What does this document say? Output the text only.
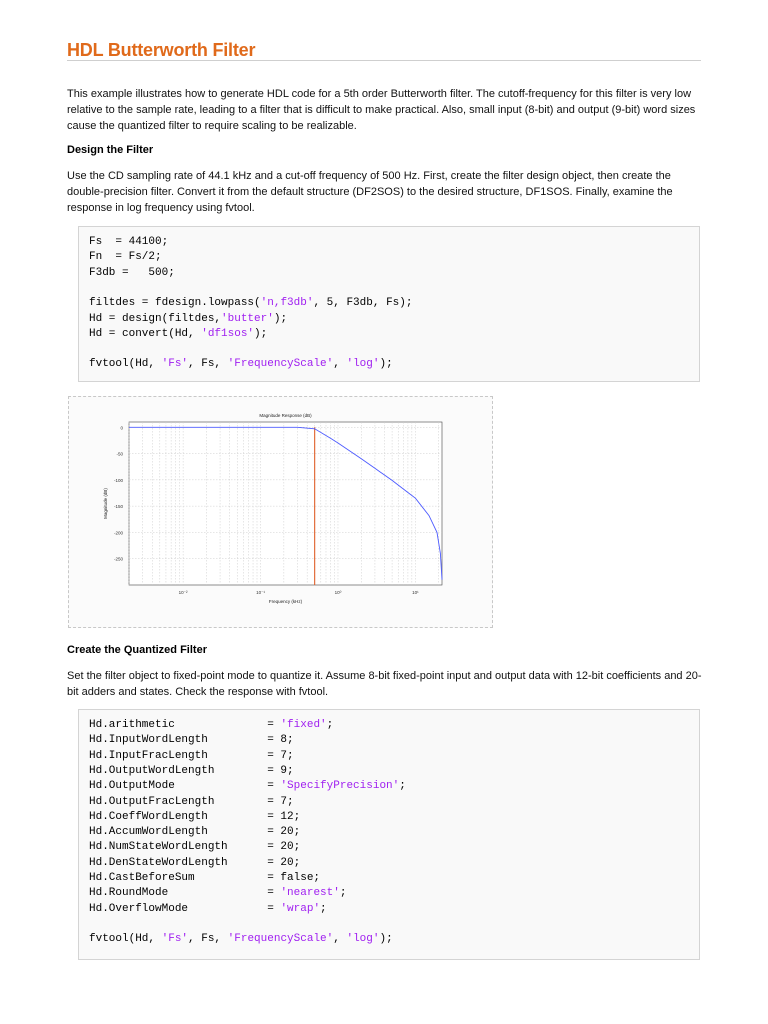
HDL Butterworth Filter
This example illustrates how to generate HDL code for a 5th order Butterworth filter. The cutoff-frequency for this filter is very low relative to the sample rate, leading to a filter that is difficult to make practical. Also, small input (8-bit) and output (9-bit) word sizes cause the quantized filter to require scaling to be realizable.
Design the Filter
Use the CD sampling rate of 44.1 kHz and a cut-off frequency of 500 Hz. First, create the filter design object, then create the double-precision filter. Convert it from the default structure (DF2SOS) to the desired structure, DF1SOS. Finally, examine the response in log frequency using fvtool.
Fs  = 44100;
Fn  = Fs/2;
F3db =   500;
filtdes = fdesign.lowpass('n,f3db', 5, F3db, Fs);
Hd = design(filtdes,'butter');
Hd = convert(Hd, 'df1sos');
fvtool(Hd, 'Fs', Fs, 'FrequencyScale', 'log');
0
-50
-100
-150
-200
-250
10⁻²	10⁻¹	10⁰	10¹
Magnitude Response (dB)
Frequency (kHz)
Magnitude (dB)
Create the Quantized Filter
Set the filter object to fixed-point mode to quantize it. Assume 8-bit fixed-point input and output data with 12-bit coefficients and 20-bit adders and states. Check the response with fvtool.
Hd.arithmetic              = 'fixed';
Hd.InputWordLength         = 8;
Hd.InputFracLength         = 7;
Hd.OutputWordLength        = 9;
Hd.OutputMode              = 'SpecifyPrecision';
Hd.OutputFracLength        = 7;
Hd.CoeffWordLength         = 12;
Hd.AccumWordLength         = 20;
Hd.NumStateWordLength      = 20;
Hd.DenStateWordLength      = 20;
Hd.CastBeforeSum           = false;
Hd.RoundMode               = 'nearest';
Hd.OverflowMode            = 'wrap';
fvtool(Hd, 'Fs', Fs, 'FrequencyScale', 'log');
